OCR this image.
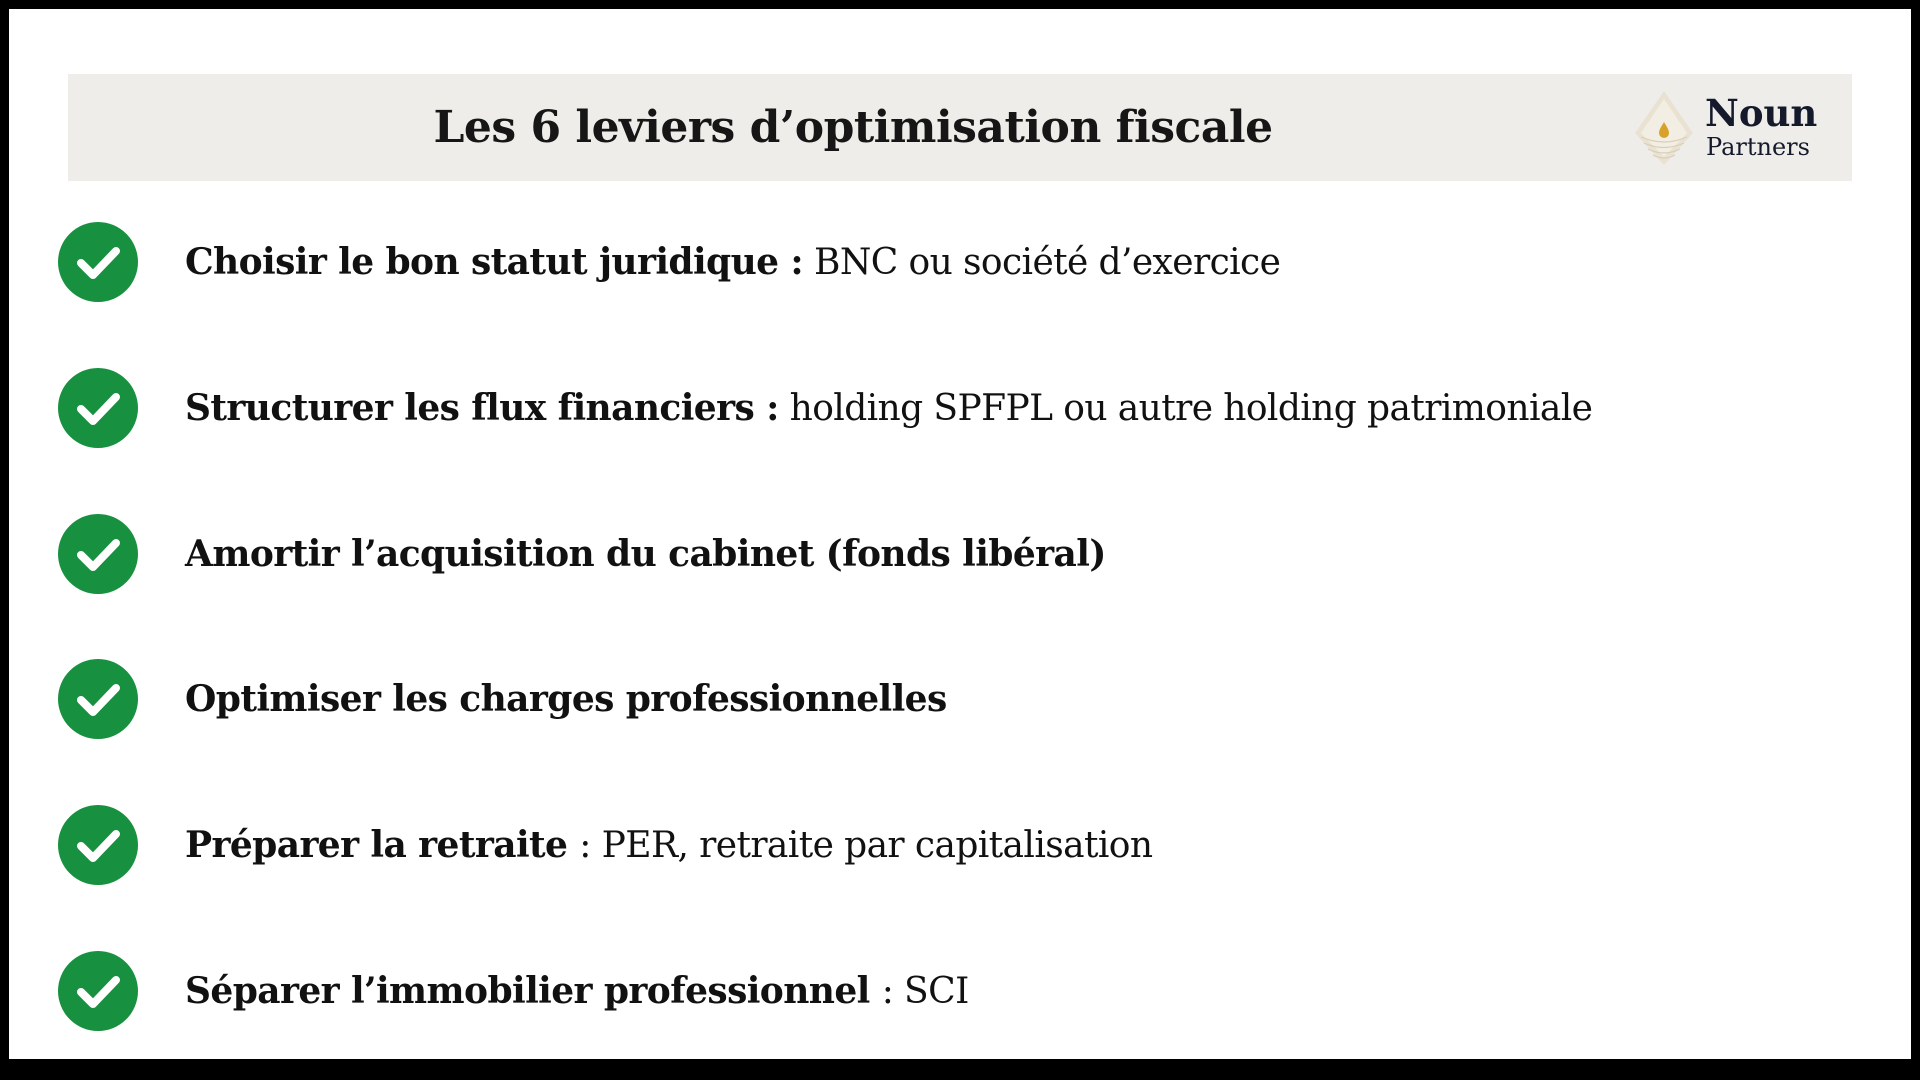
Les 6 leviers d’optimisation fiscale	Noun
Partners
Choisir le bon statut juridique : BNC ou société d’exercice
Structurer les flux financiers : holding SPFPL ou autre holding patrimoniale
Amortir l’acquisition du cabinet (fonds libéral)
Optimiser les charges professionnelles
Préparer la retraite : PER, retraite par capitalisation
Séparer l’immobilier professionnel : SCI
